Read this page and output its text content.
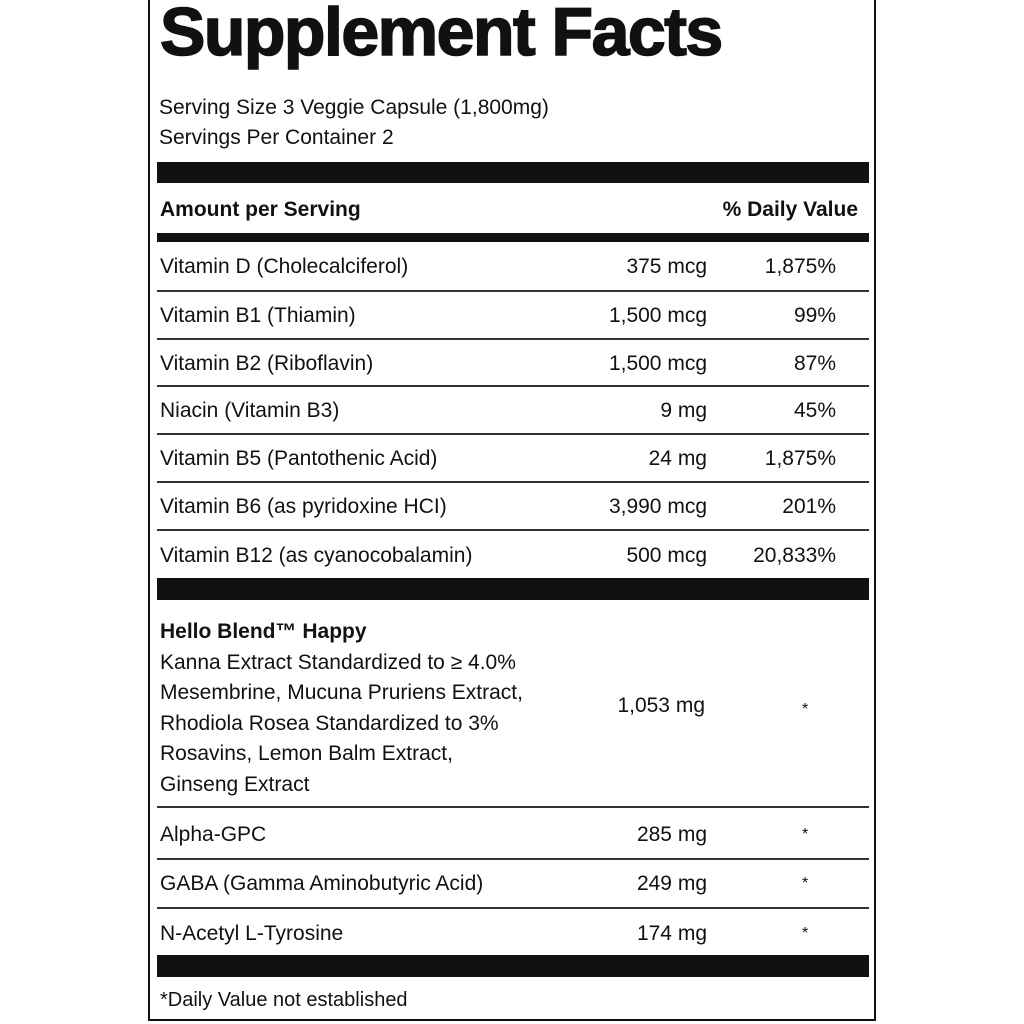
Supplement Facts
Serving Size 3 Veggie Capsule (1,800mg)
Servings Per Container 2
Amount per Serving	% Daily Value
Vitamin D (Cholecalciferol)	375 mcg	1,875%
Vitamin B1 (Thiamin)	1,500 mcg	99%
Vitamin B2 (Riboflavin)	1,500 mcg	87%
Niacin (Vitamin B3)	9 mg	45%
Vitamin B5 (Pantothenic Acid)	24 mg	1,875%
Vitamin B6 (as pyridoxine HCI)	3,990 mcg	201%
Vitamin B12 (as cyanocobalamin)	500 mcg 20,833%
Hello Blend™ Happy
Kanna Extract Standardized to ≥ 4.0%
Mesembrine, Mucuna Pruriens Extract,
Rhodiola Rosea Standardized to 3%
Rosavins, Lemon Balm Extract,
Ginseng Extract
1,053 mg	*
Alpha-GPC	285 mg	*
GABA (Gamma Aminobutyric Acid)	249 mg	*
N-Acetyl L-Tyrosine	174 mg	*
*Daily Value not established
